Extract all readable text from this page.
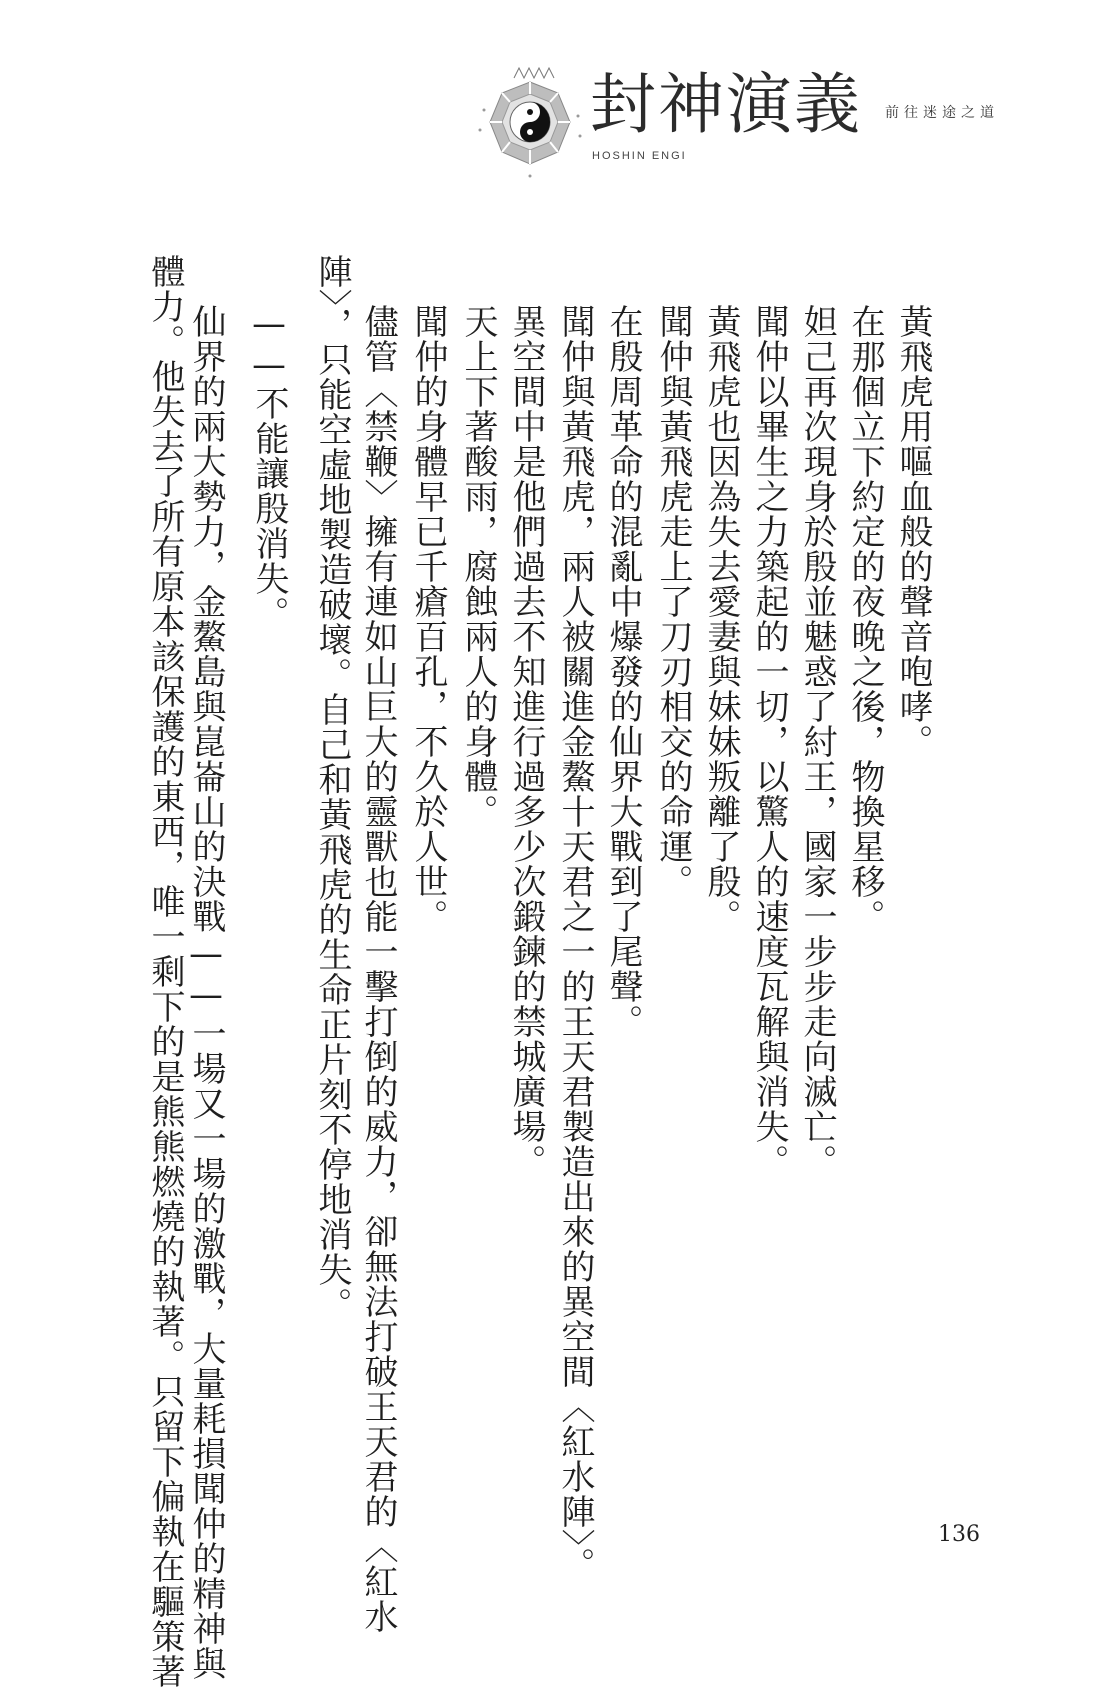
封神演義
HOSHIN ENGI
前往迷途之道
黃飛虎用嘔血般的聲音咆哮。
在那個立下約定的夜晚之後，物換星移。
妲己再次現身於殷並魅惑了紂王，國家一步步走向滅亡。
聞仲以畢生之力築起的一切，以驚人的速度瓦解與消失。
黃飛虎也因為失去愛妻與妹妹叛離了殷。
聞仲與黃飛虎走上了刀刃相交的命運。
在殷周革命的混亂中爆發的仙界大戰到了尾聲。
聞仲與黃飛虎，兩人被關進金鰲十天君之一的王天君製造出來的異空間〈紅水陣〉。
異空間中是他們過去不知進行過多少次鍛鍊的禁城廣場。
天上下著酸雨，腐蝕兩人的身體。
聞仲的身體早已千瘡百孔，不久於人世。
儘管〈禁鞭〉擁有連如山巨大的靈獸也能一擊打倒的威力，卻無法打破王天君的〈紅水
陣〉，只能空虛地製造破壞。自己和黃飛虎的生命正片刻不停地消失。
——不能讓殷消失。
仙界的兩大勢力，金鰲島與崑崙山的決戰——一場又一場的激戰，大量耗損聞仲的精神與
體力。他失去了所有原本該保護的東西，唯一剩下的是熊熊燃燒的執著。只留下偏執在驅策著	136
